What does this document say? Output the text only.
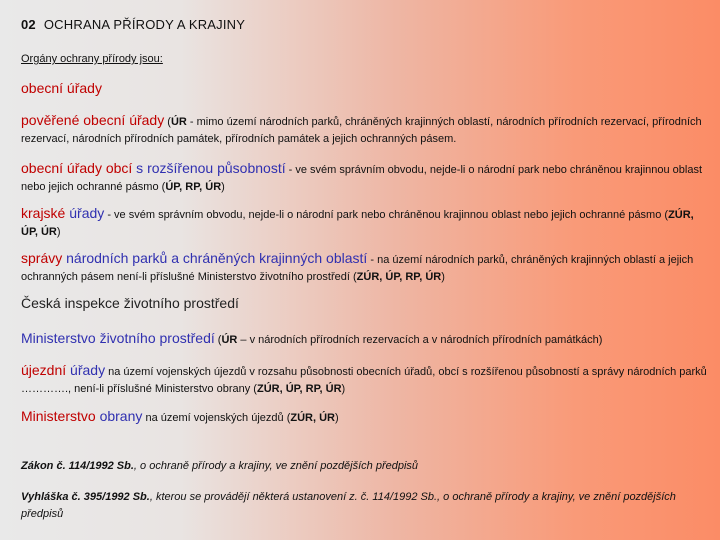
02 OCHRANA PŘÍRODY A KRAJINY
Orgány ochrany přírody jsou:
obecní úřady
pověřené obecní úřady (ÚR - mimo území národních parků, chráněných krajinných oblastí, národních přírodních rezervací, přírodních rezervací, národních přírodních památek, přírodních památek a jejich ochranných pásem.
obecní úřady obcí s rozšířenou působností - ve svém správním obvodu, nejde-li o národní park nebo chráněnou krajinnou oblast nebo jejich ochranné pásmo (ÚP, RP, ÚR)
krajské úřady - ve svém správním obvodu, nejde-li o národní park nebo chráněnou krajinnou oblast nebo jejich ochranné pásmo (ZÚR, ÚP, ÚR)
správy národních parků a chráněných krajinných oblastí - na území národních parků, chráněných krajinných oblastí a jejich ochranných pásem není-li příslušné Ministerstvo životního prostředí (ZÚR, ÚP, RP, ÚR)
Česká inspekce životního prostředí
Ministerstvo životního prostředí (ÚR – v národních přírodních rezervacích a v národních přírodních památkách)
újezdní úřady na území vojenských újezdů v rozsahu působnosti obecních úřadů, obcí s rozšířenou působností a správy národních parků …………., není-li příslušné Ministerstvo obrany (ZÚR, ÚP, RP, ÚR)
Ministerstvo obrany na území vojenských újezdů (ZÚR, ÚR)
Zákon č. 114/1992 Sb., o ochraně přírody a krajiny, ve znění pozdějších předpisů
Vyhláška č. 395/1992 Sb., kterou se provádějí některá ustanovení z. č. 114/1992 Sb., o ochraně přírody a krajiny, ve znění pozdějších předpisů
